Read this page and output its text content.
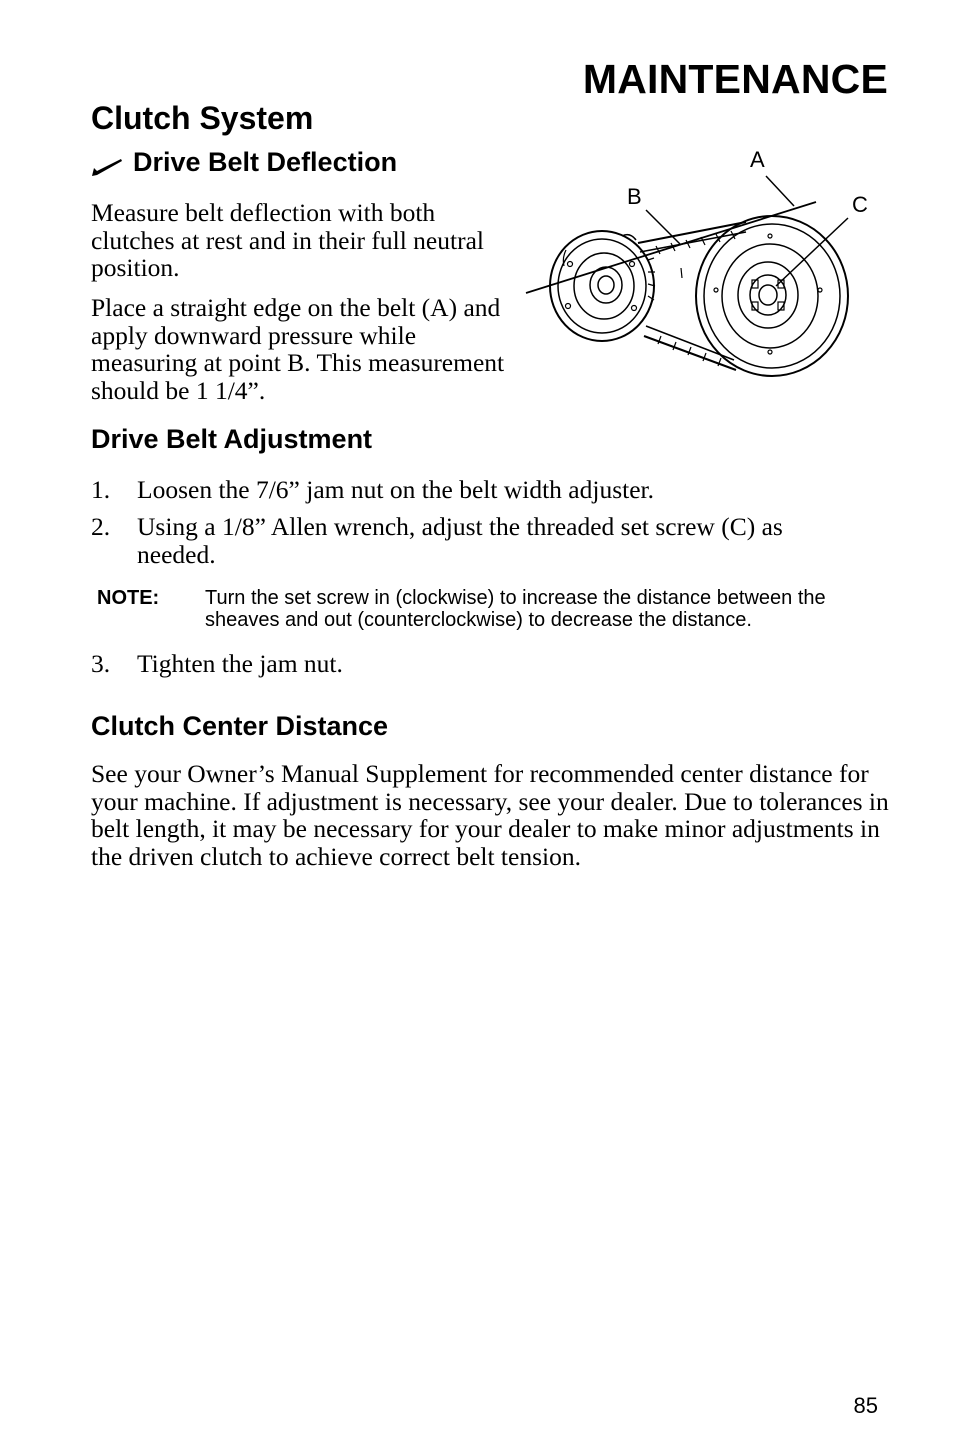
MAINTENANCE
Clutch System
Drive Belt Deflection
Measure belt deflection with both clutches at rest and in their full neutral position.
Place a straight edge on the belt (A) and apply downward pressure while measuring at point B. This measurement should be 1 1/4”.
A
B	C
Drive Belt Adjustment
1. Loosen the 7/6” jam nut on the belt width adjuster.
2. Using a 1/8” Allen wrench, adjust the threaded set screw (C) as needed.
NOTE: Turn the set screw in (clockwise) to increase the distance between the sheaves and out (counterclockwise) to decrease the distance.
3. Tighten the jam nut.
Clutch Center Distance
See your Owner’s Manual Supplement for recommended center distance for your machine. If adjustment is necessary, see your dealer. Due to tolerances in belt length, it may be necessary for your dealer to make minor adjustments in the driven clutch to achieve correct belt tension.
85
